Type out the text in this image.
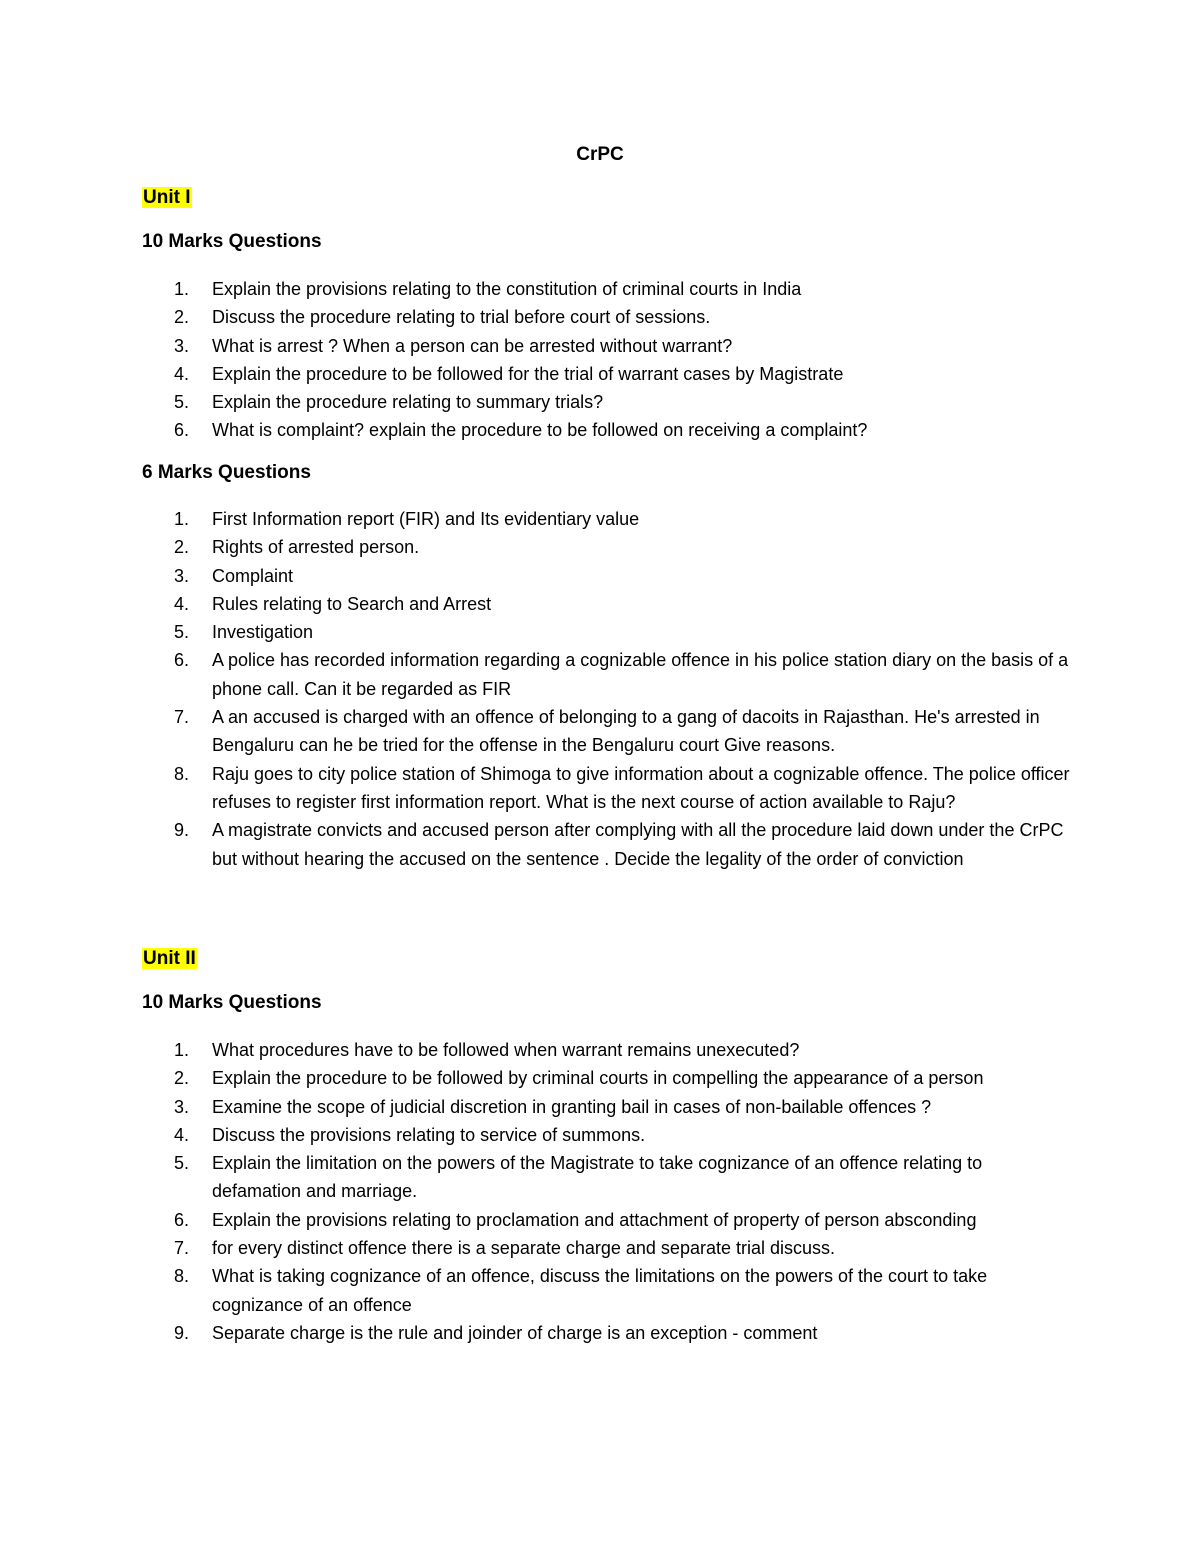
CrPC
Unit I
10 Marks Questions
1. Explain the provisions relating to the constitution of criminal courts in India
2. Discuss the procedure relating to trial before court of sessions.
3. What is arrest ? When a person can be arrested without warrant?
4. Explain the procedure to be followed for the trial of warrant cases by Magistrate
5. Explain the procedure relating to summary trials?
6. What is complaint? explain the procedure to be followed on receiving a complaint?
6 Marks Questions
1. First Information report (FIR) and Its evidentiary value
2. Rights of arrested person.
3. Complaint
4. Rules relating to Search and Arrest
5. Investigation
6. A police has recorded information regarding a cognizable offence in his police station diary on the basis of a phone call. Can it be regarded as FIR
7. A an accused is charged with an offence of belonging to a gang of dacoits in Rajasthan. He's arrested in Bengaluru can he be tried for the offense in the Bengaluru court Give reasons.
8. Raju goes to city police station of Shimoga to give information about a cognizable offence. The police officer refuses to register first information report. What is the next course of action available to Raju?
9. A magistrate convicts and accused person after complying with all the procedure laid down under the CrPC but without hearing the accused on the sentence . Decide the legality of the order of conviction
Unit II
10 Marks Questions
1. What procedures have to be followed when warrant remains unexecuted?
2. Explain the procedure to be followed by criminal courts in compelling the appearance of a person
3. Examine the scope of judicial discretion in granting bail in cases of non-bailable offences ?
4. Discuss the provisions relating to service of summons.
5. Explain the limitation on the powers of the Magistrate to take cognizance of an offence relating to defamation and marriage.
6. Explain the provisions relating to proclamation and attachment of property of person absconding
7. for every distinct offence there is a separate charge and separate trial discuss.
8. What is taking cognizance of an offence, discuss the limitations on the powers of the court to take cognizance of an offence
9. Separate charge is the rule and joinder of charge is an exception - comment
